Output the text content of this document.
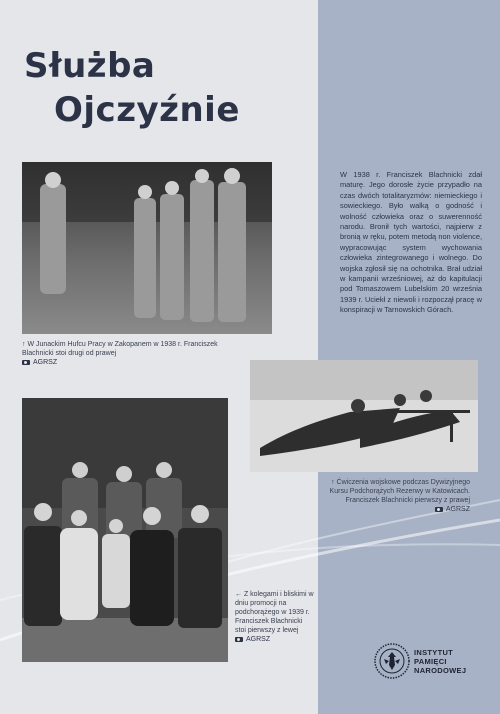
Służba
Ojczyźnie
↑ W Junackim Hufcu Pracy w Zakopanem w 1938 r. Franciszek Blachnicki stoi drugi od prawej
AGRSZ

W 1938 r. Franciszek Blachnicki zdał maturę. Jego dorosłe życie przypadło na czas dwóch totalitaryzmów: niemieckiego i sowieckiego. Było walką o godność i wolność człowieka oraz o suwerenność narodu. Bronił tych wartości, najpierw z bronią w ręku, potem metodą non violence, wypracowując system wychowania człowieka zintegrowanego i wolnego. Do wojska zgłosił się na ochotnika. Brał udział w kampanii wrześniowej, aż do kapitulacji pod Tomaszowem Lubelskim 20 września 1939 r. Uciekł z niewoli i rozpoczął pracę w konspiracji w Tarnowskich Górach.

↑ Ćwiczenia wojskowe podczas Dywizyjnego Kursu Podchorążych Rezerwy w Katowicach. Franciszek Blachnicki pierwszy z prawej
AGRSZ
← Z kolegami i bliskimi w dniu promocji na podchorążego w 1939 r. Franciszek Blachnicki stoi pierwszy z lewej
AGRSZ
INSTYTUT
PAMIĘCI
NARODOWEJ
